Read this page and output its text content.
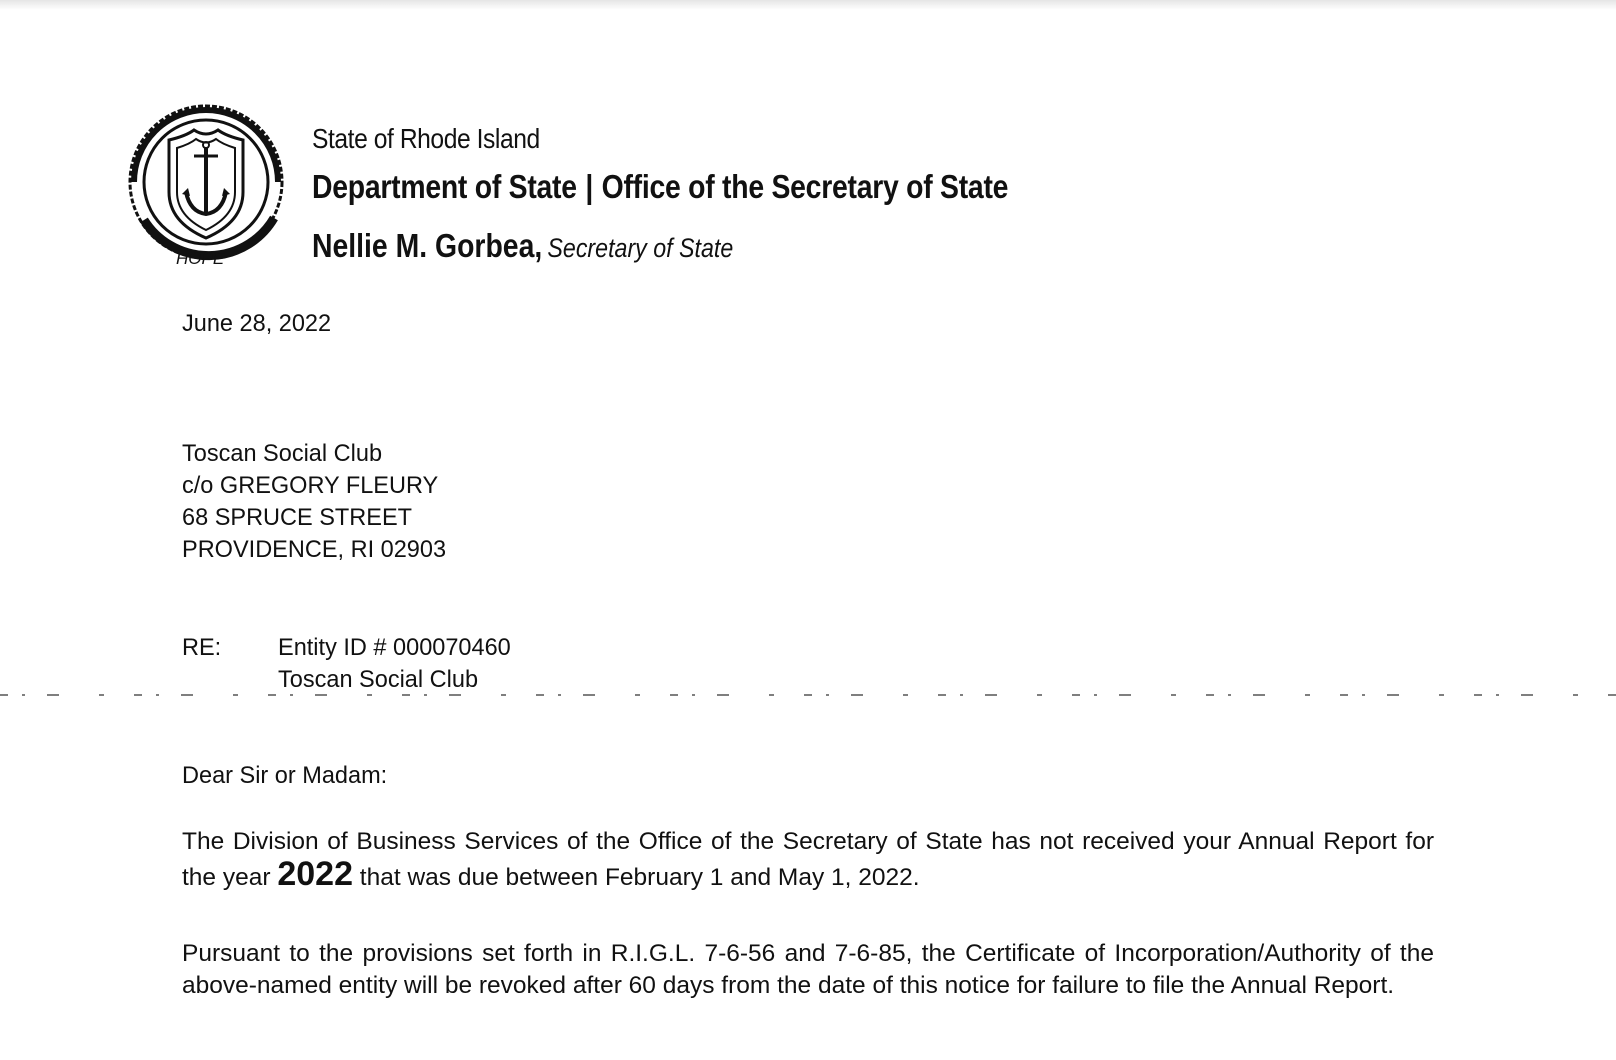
HOPE
State of Rhode Island
Department of State | Office of the Secretary of State
Nellie M. Gorbea, Secretary of State
June 28, 2022
Toscan Social Club
c/o GREGORY FLEURY
68 SPRUCE STREET
PROVIDENCE, RI 02903
RE: Entity ID # 000070460
Toscan Social Club
Dear Sir or Madam:
The Division of Business Services of the Office of the Secretary of State has not received your Annual Report for the year 2022 that was due between February 1 and May 1, 2022.
Pursuant to the provisions set forth in R.I.G.L. 7-6-56 and 7-6-85, the Certificate of Incorporation/Authority of the above-named entity will be revoked after 60 days from the date of this notice for failure to file the Annual Report.
